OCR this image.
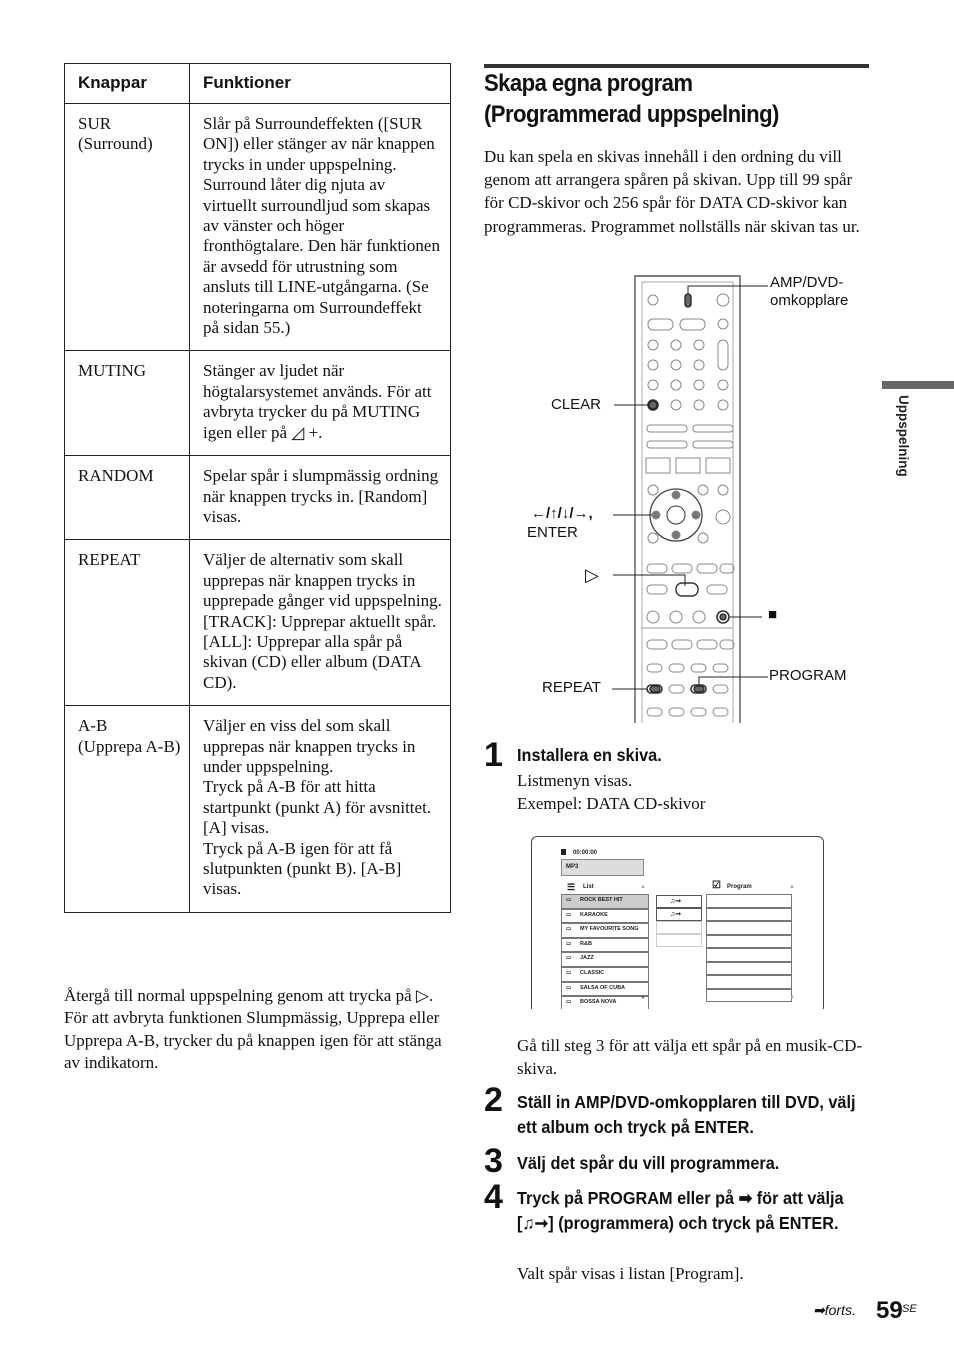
Knappar	Funktioner
SUR
(Surround)	Slår på Surroundeffekten ([SUR ON]) eller stänger av när knappen trycks in under uppspelning. Surround låter dig njuta av virtuellt surroundljud som skapas av vänster och höger fronthögtalare. Den här funktionen är avsedd för utrustning som ansluts till LINE-utgångarna. (Se noteringarna om Surroundeffekt på sidan 55.)
MUTING	Stänger av ljudet när högtalarsystemet används. För att avbryta trycker du på MUTING igen eller på ◿ +.
RANDOM	Spelar spår i slumpmässig ordning när knappen trycks in. [Random] visas.
REPEAT	Väljer de alternativ som skall upprepas när knappen trycks in upprepade gånger vid uppspelning.
[TRACK]: Upprepar aktuellt spår.
[ALL]: Upprepar alla spår på skivan (CD) eller album (DATA CD).
A-B
(Upprepa A-B)	Väljer en viss del som skall upprepas när knappen trycks in under uppspelning.
Tryck på A-B för att hitta startpunkt (punkt A) för avsnittet. [A] visas.
Tryck på A-B igen för att få slutpunkten (punkt B). [A-B] visas.
Återgå till normal uppspelning genom att trycka på ▷.
För att avbryta funktionen Slumpmässig, Upprepa eller Upprepa A-B, trycker du på knappen igen för att stänga av indikatorn.
Skapa egna program (Programmerad uppspelning)
Du kan spela en skivas innehåll i den ordning du vill genom att arrangera spåren på skivan. Upp till 99 spår för CD-skivor och 256 spår för DATA CD-skivor kan programmeras. Programmet nollställs när skivan tas ur.
Uppspelning
AMP/DVD-
omkopplare
CLEAR
←/↑/↓/→,
ENTER
▷
■
REPEAT
PROGRAM
1 Installera en skiva.
Listmenyn visas.
Exempel: DATA CD-skivor
00:00:00
MP3
☰ List	☑ Program
▭ ROCK BEST HIT
▭ KARAOKE
▭ MY FAVOURITE SONG
▭ R&B
▭ JAZZ
▭ CLASSIC
▭ SALSA OF CUBA
▭ BOSSA NOVA
▲
▼
♫➞
♫➞
▲
▼
Gå till steg 3 för att välja ett spår på en musik-CD-skiva.
2 Ställ in AMP/DVD-omkopplaren till DVD, välj ett album och tryck på ENTER.
3 Välj det spår du vill programmera.
4 Tryck på PROGRAM eller på ➡ för att välja [♫➞] (programmera) och tryck på ENTER.
Valt spår visas i listan [Program].
➡forts. 59 SE
